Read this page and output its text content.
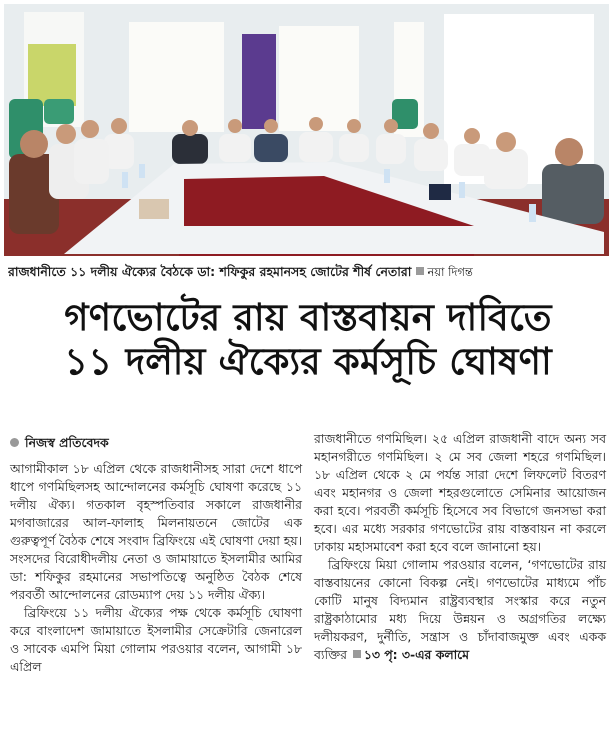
রাজধানীতে ১১ দলীয় ঐক্যের বৈঠকে ডা: শফিকুর রহমানসহ জোটের শীর্ষ নেতারা নয়া দিগন্ত
গণভোটের রায় বাস্তবায়ন দাবিতে
১১ দলীয় ঐক্যের কর্মসূচি ঘোষণা
নিজস্ব প্রতিবেদক

আগামীকাল ১৮ এপ্রিল থেকে রাজধানীসহ সারা দেশে ধাপে ধাপে গণমিছিলসহ আন্দোলনের কর্মসূচি ঘোষণা করেছে ১১ দলীয় ঐক্য। গতকাল বৃহস্পতিবার সকালে রাজধানীর মগবাজারের আল-ফালাহ মিলনায়তনে জোটের এক গুরুত্বপূর্ণ বৈঠক শেষে সংবাদ ব্রিফিংয়ে এই ঘোষণা দেয়া হয়। সংসদের বিরোধীদলীয় নেতা ও জামায়াতে ইসলামীর আমির ডা: শফিকুর রহমানের সভাপতিত্বে অনুষ্ঠিত বৈঠক শেষে পরবর্তী আন্দোলনের রোডম্যাপ দেয় ১১ দলীয় ঐক্য।

ব্রিফিংয়ে ১১ দলীয় ঐক্যের পক্ষ থেকে কর্মসূচি ঘোষণা করে বাংলাদেশ জামায়াতে ইসলামীর সেক্রেটারি জেনারেল ও সাবেক এমপি মিয়া গোলাম পরওয়ার বলেন, আগামী ১৮ এপ্রিল

রাজধানীতে গণমিছিল। ২৫ এপ্রিল রাজধানী বাদে অন্য সব মহানগরীতে গণমিছিল। ২ মে সব জেলা শহরে গণমিছিল। ১৮ এপ্রিল থেকে ২ মে পর্যন্ত সারা দেশে লিফলেট বিতরণ এবং মহানগর ও জেলা শহরগুলোতে সেমিনার আয়োজন করা হবে। পরবর্তী কর্মসূচি হিসেবে সব বিভাগে জনসভা করা হবে। এর মধ্যে সরকার গণভোটের রায় বাস্তবায়ন না করলে ঢাকায় মহাসমাবেশ করা হবে বলে জানানো হয়।

ব্রিফিংয়ে মিয়া গোলাম পরওয়ার বলেন, ‘গণভোটের রায় বাস্তবায়নের কোনো বিকল্প নেই। গণভোটের মাধ্যমে পাঁচ কোটি মানুষ বিদ্যমান রাষ্ট্রব্যবস্থার সংস্কার করে নতুন রাষ্ট্রকাঠামোর মধ্য দিয়ে উন্নয়ন ও অগ্রগতির লক্ষ্যে দলীয়করণ, দুর্নীতি, সন্ত্রাস ও চাঁদাবাজমুক্ত এবং একক ব্যক্তির ১৩ পৃ: ৩-এর কলামে
